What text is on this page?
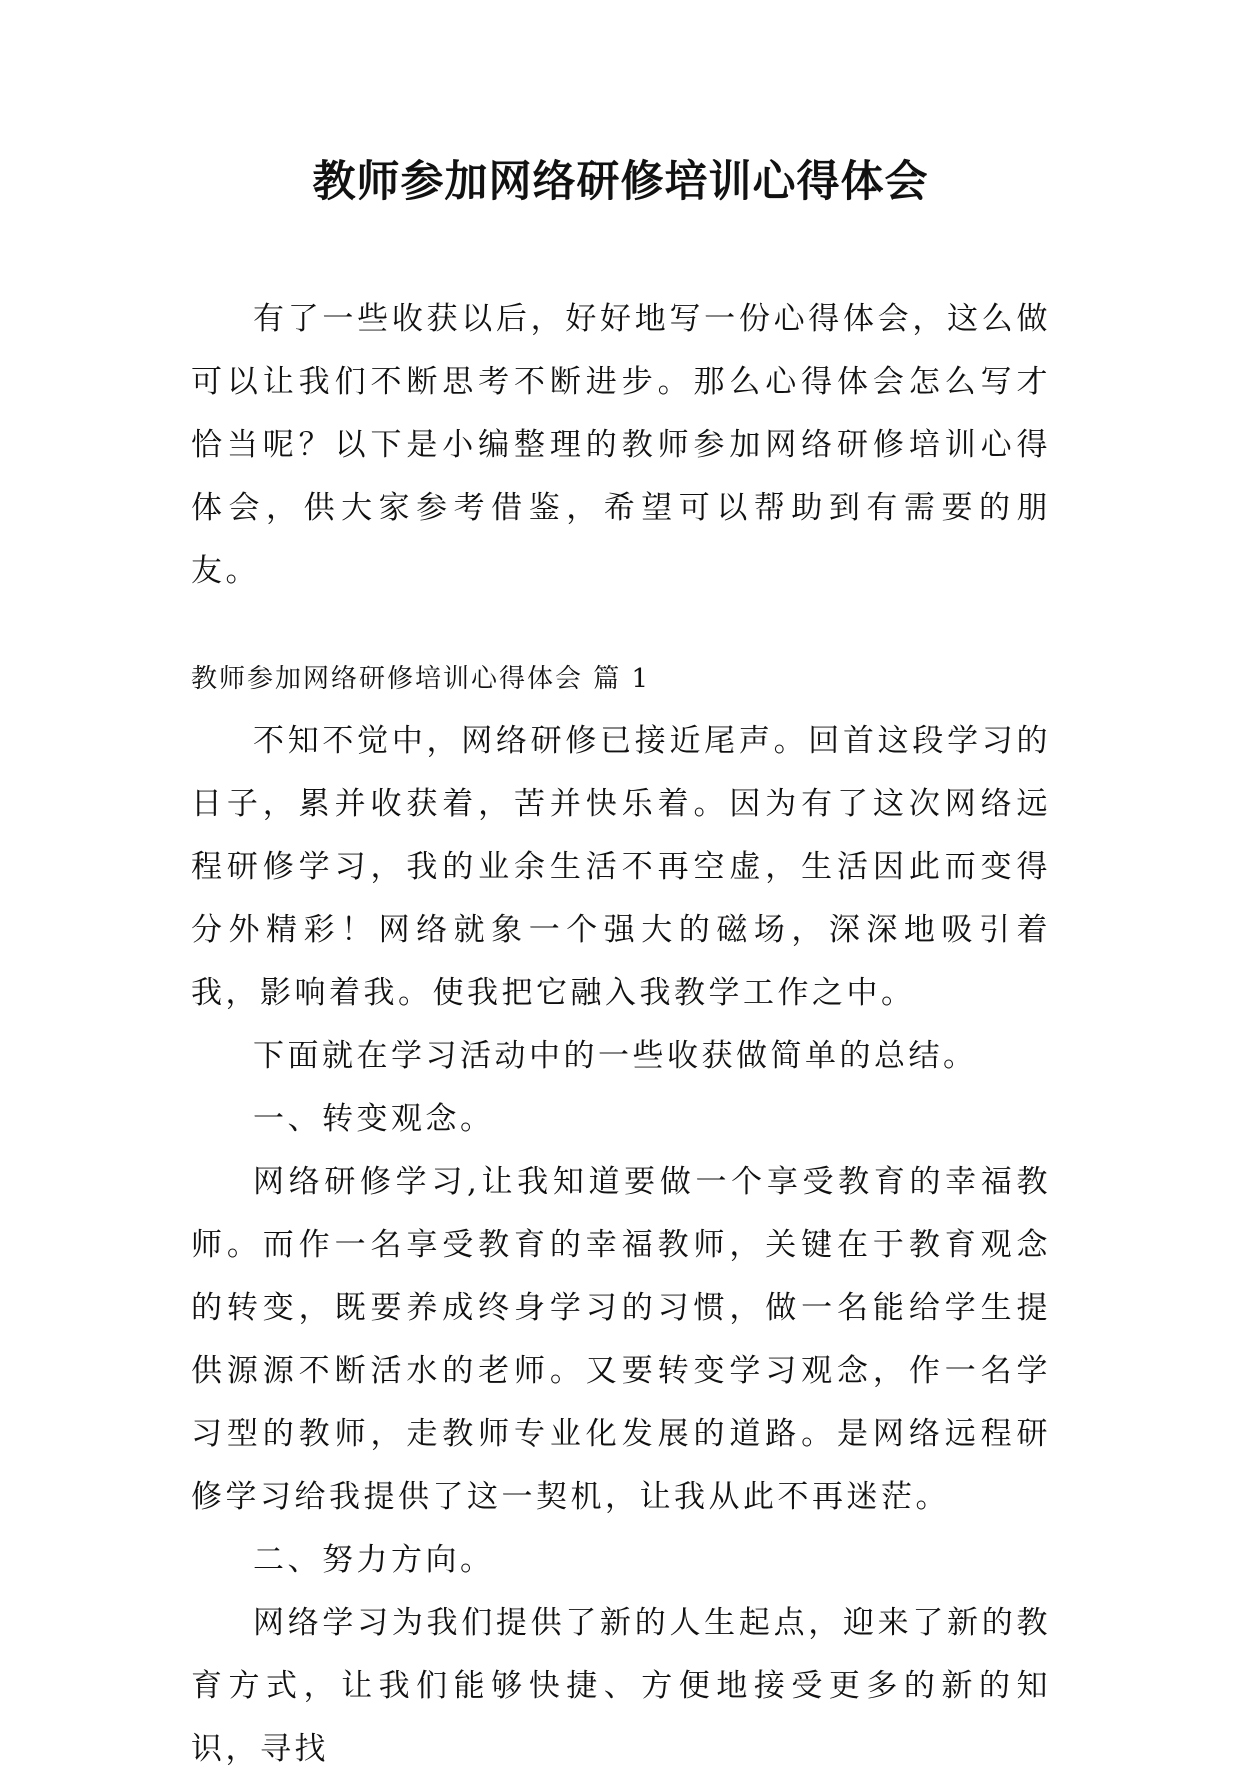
教师参加网络研修培训心得体会

有了一些收获以后，好好地写一份心得体会，这么做可以让我们不断思考不断进步。那么心得体会怎么写才恰当呢？以下是小编整理的教师参加网络研修培训心得体会，供大家参考借鉴，希望可以帮助到有需要的朋友。

教师参加网络研修培训心得体会 篇 1

不知不觉中，网络研修已接近尾声。回首这段学习的日子，累并收获着，苦并快乐着。因为有了这次网络远程研修学习，我的业余生活不再空虚，生活因此而变得分外精彩！网络就象一个强大的磁场，深深地吸引着我，影响着我。使我把它融入我教学工作之中。

下面就在学习活动中的一些收获做简单的总结。

一、转变观念。

网络研修学习,让我知道要做一个享受教育的幸福教师。而作一名享受教育的幸福教师，关键在于教育观念的转变，既要养成终身学习的习惯，做一名能给学生提供源源不断活水的老师。又要转变学习观念，作一名学习型的教师，走教师专业化发展的道路。是网络远程研修学习给我提供了这一契机，让我从此不再迷茫。

二、努力方向。

网络学习为我们提供了新的人生起点，迎来了新的教育方式，让我们能够快捷、方便地接受更多的新的知识，寻找
